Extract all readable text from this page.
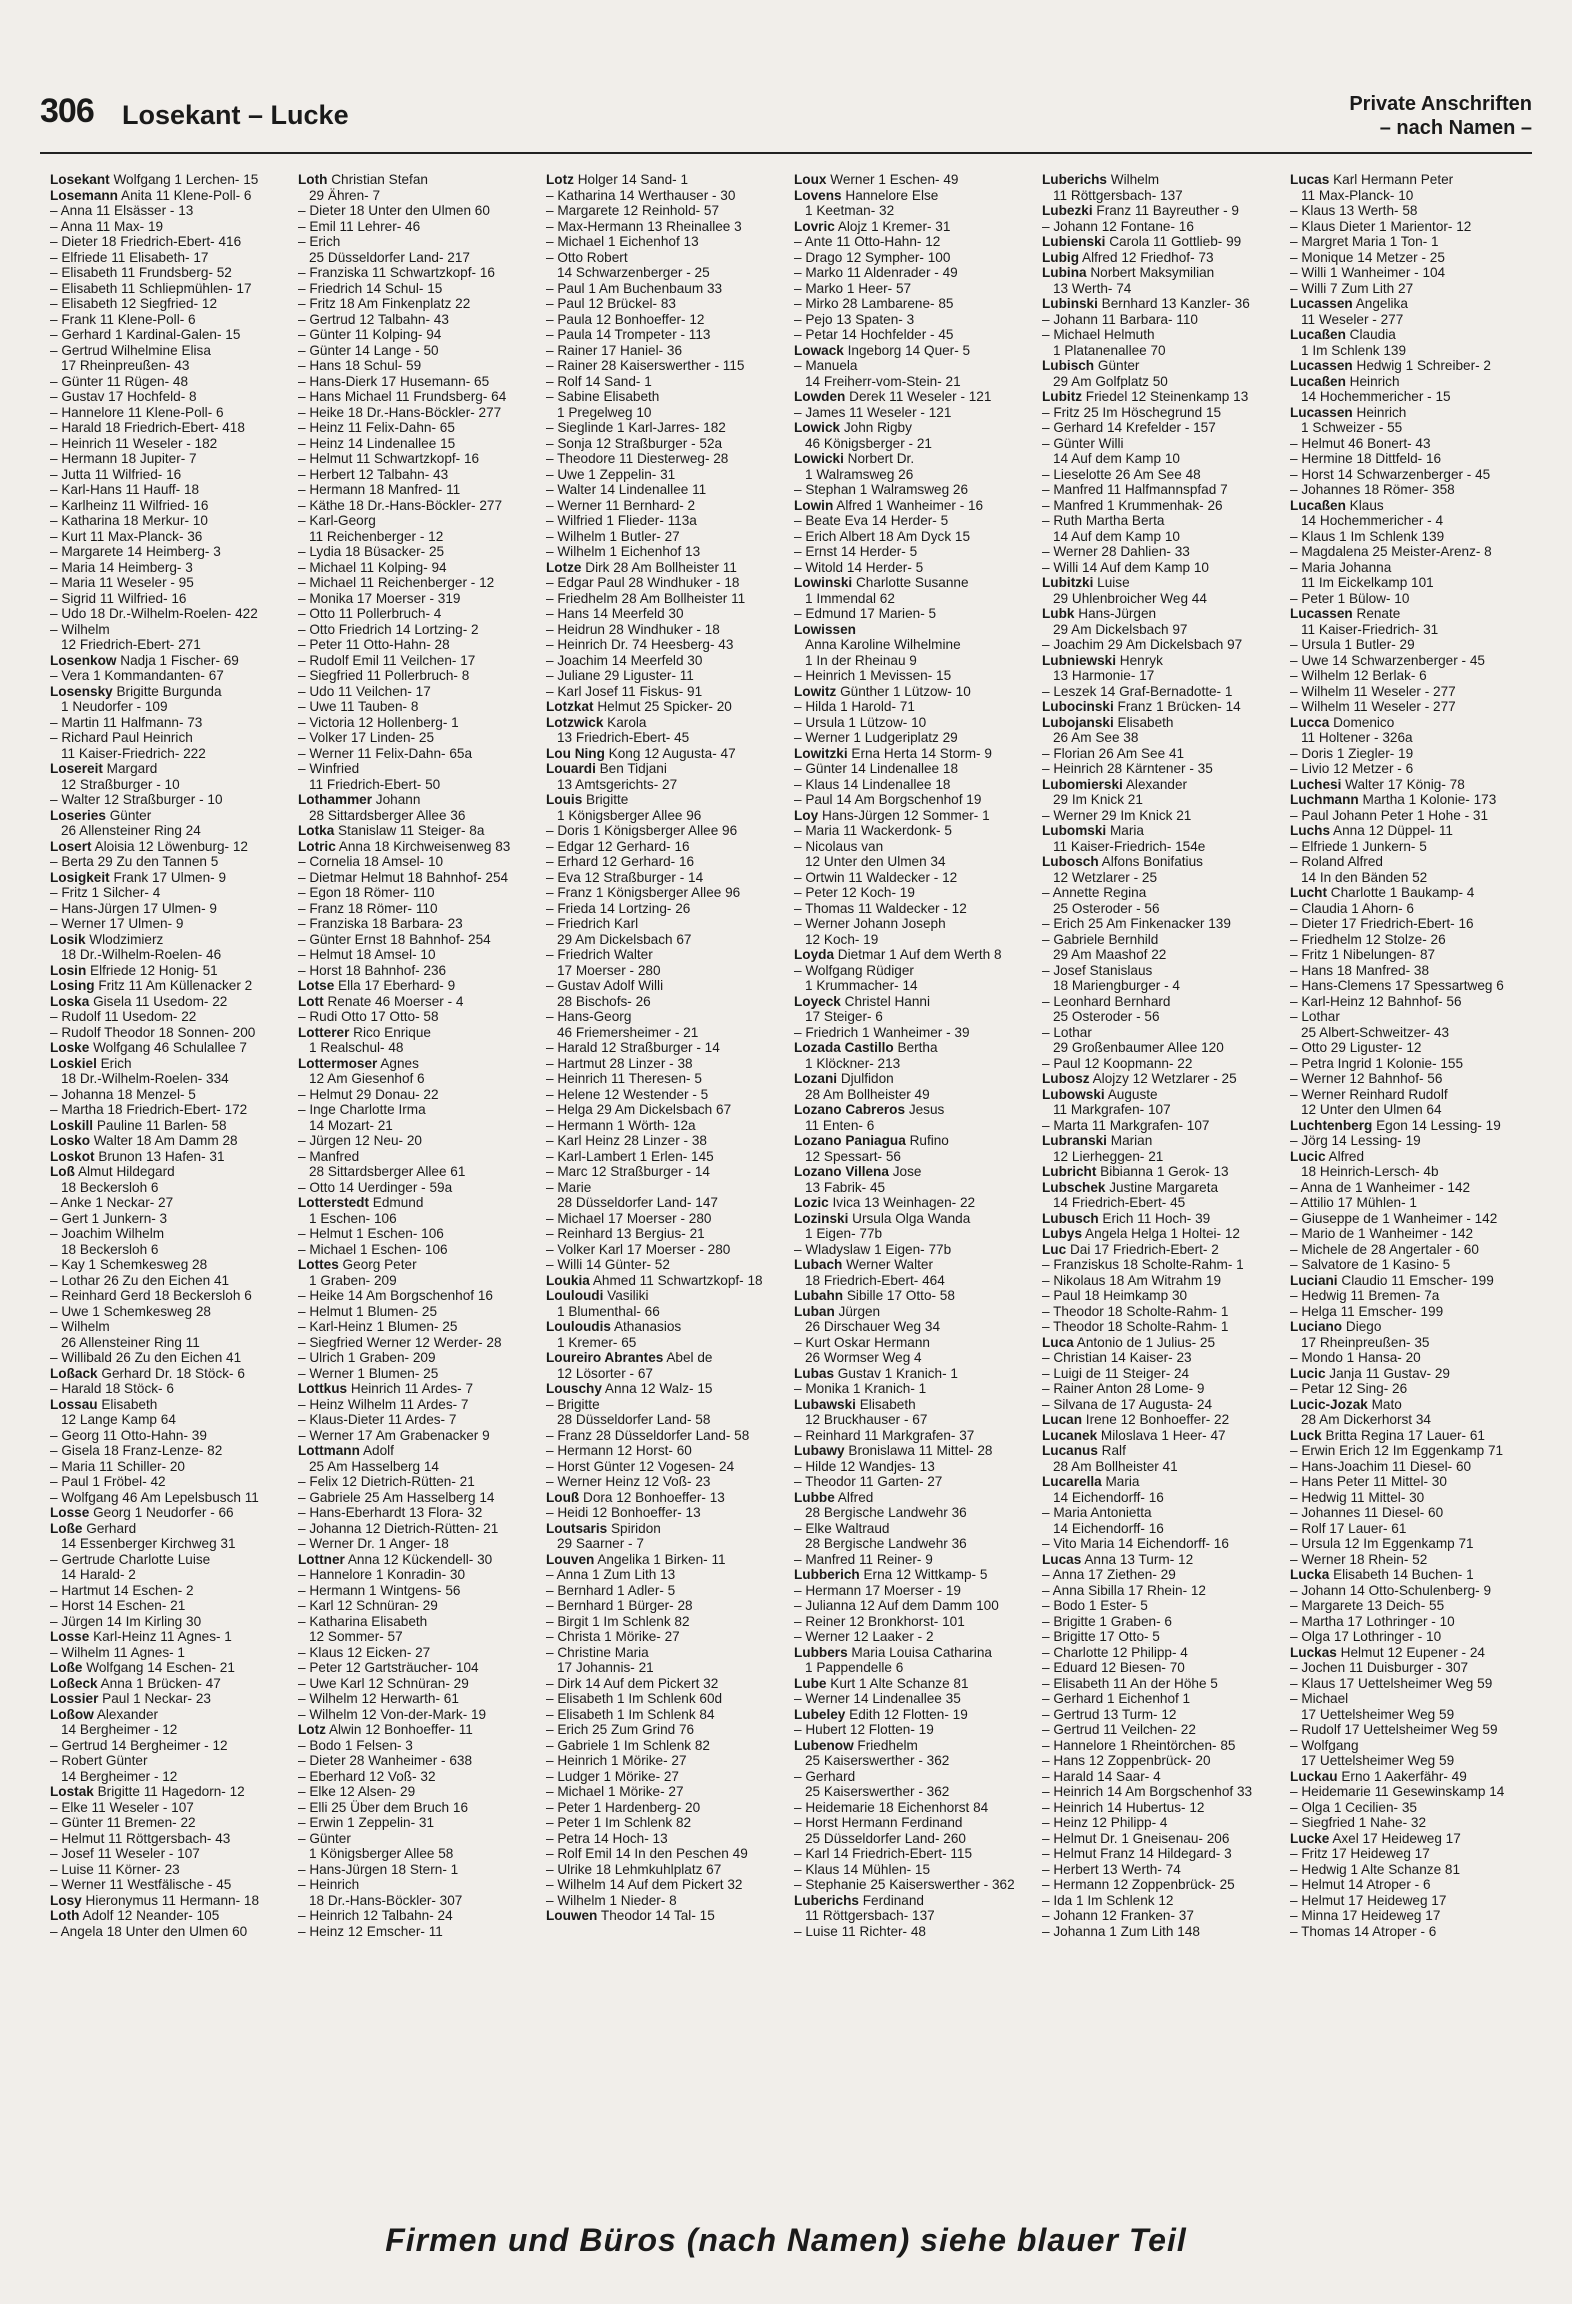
306 Losekant – Lucke	Private Anschriften
– nach Namen –
Losekant Wolfgang 1 Lerchen- 15
Losemann Anita 11 Klene-Poll- 6
– Anna 11 Elsässer - 13
– Anna 11 Max- 19
– Dieter 18 Friedrich-Ebert- 416
– Elfriede 11 Elisabeth- 17
– Elisabeth 11 Frundsberg- 52
– Elisabeth 11 Schliepmühlen- 17
– Elisabeth 12 Siegfried- 12
– Frank 11 Klene-Poll- 6
– Gerhard 1 Kardinal-Galen- 15
– Gertrud Wilhelmine Elisa
17 Rheinpreußen- 43
– Günter 11 Rügen- 48
– Gustav 17 Hochfeld- 8
– Hannelore 11 Klene-Poll- 6
– Harald 18 Friedrich-Ebert- 418
– Heinrich 11 Weseler - 182
– Hermann 18 Jupiter- 7
– Jutta 11 Wilfried- 16
– Karl-Hans 11 Hauff- 18
– Karlheinz 11 Wilfried- 16
– Katharina 18 Merkur- 10
– Kurt 11 Max-Planck- 36
– Margarete 14 Heimberg- 3
– Maria 14 Heimberg- 3
– Maria 11 Weseler - 95
– Sigrid 11 Wilfried- 16
– Udo 18 Dr.-Wilhelm-Roelen- 422
– Wilhelm
12 Friedrich-Ebert- 271
Losenkow Nadja 1 Fischer- 69
– Vera 1 Kommandanten- 67
Losensky Brigitte Burgunda
1 Neudorfer - 109
– Martin 11 Halfmann- 73
– Richard Paul Heinrich
11 Kaiser-Friedrich- 222
Losereit Margard
12 Straßburger - 10
– Walter 12 Straßburger - 10
Loseries Günter
26 Allensteiner Ring 24
Losert Aloisia 12 Löwenburg- 12
– Berta 29 Zu den Tannen 5
Losigkeit Frank 17 Ulmen- 9
– Fritz 1 Silcher- 4
– Hans-Jürgen 17 Ulmen- 9
– Werner 17 Ulmen- 9
Losik Wlodzimierz
18 Dr.-Wilhelm-Roelen- 46
Losin Elfriede 12 Honig- 51
Losing Fritz 11 Am Küllenacker 2
Loska Gisela 11 Usedom- 22
– Rudolf 11 Usedom- 22
– Rudolf Theodor 18 Sonnen- 200
Loske Wolfgang 46 Schulallee 7
Loskiel Erich
18 Dr.-Wilhelm-Roelen- 334
– Johanna 18 Menzel- 5
– Martha 18 Friedrich-Ebert- 172
Loskill Pauline 11 Barlen- 58
Losko Walter 18 Am Damm 28
Loskot Brunon 13 Hafen- 31
Loß Almut Hildegard
18 Beckersloh 6
– Anke 1 Neckar- 27
– Gert 1 Junkern- 3
– Joachim Wilhelm
18 Beckersloh 6
– Kay 1 Schemkesweg 28
– Lothar 26 Zu den Eichen 41
– Reinhard Gerd 18 Beckersloh 6
– Uwe 1 Schemkesweg 28
– Wilhelm
26 Allensteiner Ring 11
– Willibald 26 Zu den Eichen 41
Loßack Gerhard Dr. 18 Stöck- 6
– Harald 18 Stöck- 6
Lossau Elisabeth
12 Lange Kamp 64
– Georg 11 Otto-Hahn- 39
– Gisela 18 Franz-Lenze- 82
– Maria 11 Schiller- 20
– Paul 1 Fröbel- 42
– Wolfgang 46 Am Lepelsbusch 11
Losse Georg 1 Neudorfer - 66
Loße Gerhard
14 Essenberger Kirchweg 31
– Gertrude Charlotte Luise
14 Harald- 2
– Hartmut 14 Eschen- 2
– Horst 14 Eschen- 21
– Jürgen 14 Im Kirling 30
Losse Karl-Heinz 11 Agnes- 1
– Wilhelm 11 Agnes- 1
Loße Wolfgang 14 Eschen- 21
Loßeck Anna 1 Brücken- 47
Lossier Paul 1 Neckar- 23
Loßow Alexander
14 Bergheimer - 12
– Gertrud 14 Bergheimer - 12
– Robert Günter
14 Bergheimer - 12
Lostak Brigitte 11 Hagedorn- 12
– Elke 11 Weseler - 107
– Günter 11 Bremen- 22
– Helmut 11 Röttgersbach- 43
– Josef 11 Weseler - 107
– Luise 11 Körner- 23
– Werner 11 Westfälische - 45
Losy Hieronymus 11 Hermann- 18
Loth Adolf 12 Neander- 105
– Angela 18 Unter den Ulmen 60
Loth Christian Stefan
29 Ähren- 7
– Dieter 18 Unter den Ulmen 60
– Emil 11 Lehrer- 46
– Erich
25 Düsseldorfer Land- 217
– Franziska 11 Schwartzkopf- 16
– Friedrich 14 Schul- 15
– Fritz 18 Am Finkenplatz 22
– Gertrud 12 Talbahn- 43
– Günter 11 Kolping- 94
– Günter 14 Lange - 50
– Hans 18 Schul- 59
– Hans-Dierk 17 Husemann- 65
– Hans Michael 11 Frundsberg- 64
– Heike 18 Dr.-Hans-Böckler- 277
– Heinz 11 Felix-Dahn- 65
– Heinz 14 Lindenallee 15
– Helmut 11 Schwartzkopf- 16
– Herbert 12 Talbahn- 43
– Hermann 18 Manfred- 11
– Käthe 18 Dr.-Hans-Böckler- 277
– Karl-Georg
11 Reichenberger - 12
– Lydia 18 Büsacker- 25
– Michael 11 Kolping- 94
– Michael 11 Reichenberger - 12
– Monika 17 Moerser - 319
– Otto 11 Pollerbruch- 4
– Otto Friedrich 14 Lortzing- 2
– Peter 11 Otto-Hahn- 28
– Rudolf Emil 11 Veilchen- 17
– Siegfried 11 Pollerbruch- 8
– Udo 11 Veilchen- 17
– Uwe 11 Tauben- 8
– Victoria 12 Hollenberg- 1
– Volker 17 Linden- 25
– Werner 11 Felix-Dahn- 65a
– Winfried
11 Friedrich-Ebert- 50
Lothammer Johann
28 Sittardsberger Allee 36
Lotka Stanislaw 11 Steiger- 8a
Lotric Anna 18 Kirchweisenweg 83
– Cornelia 18 Amsel- 10
– Dietmar Helmut 18 Bahnhof- 254
– Egon 18 Römer- 110
– Franz 18 Römer- 110
– Franziska 18 Barbara- 23
– Günter Ernst 18 Bahnhof- 254
– Helmut 18 Amsel- 10
– Horst 18 Bahnhof- 236
Lotse Ella 17 Eberhard- 9
Lott Renate 46 Moerser - 4
– Rudi Otto 17 Otto- 58
Lotterer Rico Enrique
1 Realschul- 48
Lottermoser Agnes
12 Am Giesenhof 6
– Helmut 29 Donau- 22
– Inge Charlotte Irma
14 Mozart- 21
– Jürgen 12 Neu- 20
– Manfred
28 Sittardsberger Allee 61
– Otto 14 Uerdinger - 59a
Lotterstedt Edmund
1 Eschen- 106
– Helmut 1 Eschen- 106
– Michael 1 Eschen- 106
Lottes Georg Peter
1 Graben- 209
– Heike 14 Am Borgschenhof 16
– Helmut 1 Blumen- 25
– Karl-Heinz 1 Blumen- 25
– Siegfried Werner 12 Werder- 28
– Ulrich 1 Graben- 209
– Werner 1 Blumen- 25
Lottkus Heinrich 11 Ardes- 7
– Heinz Wilhelm 11 Ardes- 7
– Klaus-Dieter 11 Ardes- 7
– Werner 17 Am Grabenacker 9
Lottmann Adolf
25 Am Hasselberg 14
– Felix 12 Dietrich-Rütten- 21
– Gabriele 25 Am Hasselberg 14
– Hans-Eberhardt 13 Flora- 32
– Johanna 12 Dietrich-Rütten- 21
– Werner Dr. 1 Anger- 18
Lottner Anna 12 Kückendell- 30
– Hannelore 1 Konradin- 30
– Hermann 1 Wintgens- 56
– Karl 12 Schnüran- 29
– Katharina Elisabeth
12 Sommer- 57
– Klaus 12 Eicken- 27
– Peter 12 Gartsträucher- 104
– Uwe Karl 12 Schnüran- 29
– Wilhelm 12 Herwarth- 61
– Wilhelm 12 Von-der-Mark- 19
Lotz Alwin 12 Bonhoeffer- 11
– Bodo 1 Felsen- 3
– Dieter 28 Wanheimer - 638
– Eberhard 12 Voß- 32
– Elke 12 Alsen- 29
– Elli 25 Über dem Bruch 16
– Erwin 1 Zeppelin- 31
– Günter
1 Königsberger Allee 58
– Hans-Jürgen 18 Stern- 1
– Heinrich
18 Dr.-Hans-Böckler- 307
– Heinrich 12 Talbahn- 24
– Heinz 12 Emscher- 11
Lotz Holger 14 Sand- 1
– Katharina 14 Werthauser - 30
– Margarete 12 Reinhold- 57
– Max-Hermann 13 Rheinallee 3
– Michael 1 Eichenhof 13
– Otto Robert
14 Schwarzenberger - 25
– Paul 1 Am Buchenbaum 33
– Paul 12 Brückel- 83
– Paula 12 Bonhoeffer- 12
– Paula 14 Trompeter - 113
– Rainer 17 Haniel- 36
– Rainer 28 Kaiserswerther - 115
– Rolf 14 Sand- 1
– Sabine Elisabeth
1 Pregelweg 10
– Sieglinde 1 Karl-Jarres- 182
– Sonja 12 Straßburger - 52a
– Theodore 11 Diesterweg- 28
– Uwe 1 Zeppelin- 31
– Walter 14 Lindenallee 11
– Werner 11 Bernhard- 2
– Wilfried 1 Flieder- 113a
– Wilhelm 1 Butler- 27
– Wilhelm 1 Eichenhof 13
Lotze Dirk 28 Am Bollheister 11
– Edgar Paul 28 Windhuker - 18
– Friedhelm 28 Am Bollheister 11
– Hans 14 Meerfeld 30
– Heidrun 28 Windhuker - 18
– Heinrich Dr. 74 Heesberg- 43
– Joachim 14 Meerfeld 30
– Juliane 29 Liguster- 11
– Karl Josef 11 Fiskus- 91
Lotzkat Helmut 25 Spicker- 20
Lotzwick Karola
13 Friedrich-Ebert- 45
Lou Ning Kong 12 Augusta- 47
Louardi Ben Tidjani
13 Amtsgerichts- 27
Louis Brigitte
1 Königsberger Allee 96
– Doris 1 Königsberger Allee 96
– Edgar 12 Gerhard- 16
– Erhard 12 Gerhard- 16
– Eva 12 Straßburger - 14
– Franz 1 Königsberger Allee 96
– Frieda 14 Lortzing- 26
– Friedrich Karl
29 Am Dickelsbach 67
– Friedrich Walter
17 Moerser - 280
– Gustav Adolf Willi
28 Bischofs- 26
– Hans-Georg
46 Friemersheimer - 21
– Harald 12 Straßburger - 14
– Hartmut 28 Linzer - 38
– Heinrich 11 Theresen- 5
– Helene 12 Westender - 5
– Helga 29 Am Dickelsbach 67
– Hermann 1 Wörth- 12a
– Karl Heinz 28 Linzer - 38
– Karl-Lambert 1 Erlen- 145
– Marc 12 Straßburger - 14
– Marie
28 Düsseldorfer Land- 147
– Michael 17 Moerser - 280
– Reinhard 13 Bergius- 21
– Volker Karl 17 Moerser - 280
– Willi 14 Günter- 52
Loukia Ahmed 11 Schwartzkopf- 18
Louloudi Vasiliki
1 Blumenthal- 66
Louloudis Athanasios
1 Kremer- 65
Loureiro Abrantes Abel de
12 Lösorter - 67
Louschy Anna 12 Walz- 15
– Brigitte
28 Düsseldorfer Land- 58
– Franz 28 Düsseldorfer Land- 58
– Hermann 12 Horst- 60
– Horst Günter 12 Vogesen- 24
– Werner Heinz 12 Voß- 23
Louß Dora 12 Bonhoeffer- 13
– Heidi 12 Bonhoeffer- 13
Loutsaris Spiridon
29 Saarner - 7
Louven Angelika 1 Birken- 11
– Anna 1 Zum Lith 13
– Bernhard 1 Adler- 5
– Bernhard 1 Bürger- 28
– Birgit 1 Im Schlenk 82
– Christa 1 Mörike- 27
– Christine Maria
17 Johannis- 21
– Dirk 14 Auf dem Pickert 32
– Elisabeth 1 Im Schlenk 60d
– Elisabeth 1 Im Schlenk 84
– Erich 25 Zum Grind 76
– Gabriele 1 Im Schlenk 82
– Heinrich 1 Mörike- 27
– Ludger 1 Mörike- 27
– Michael 1 Mörike- 27
– Peter 1 Hardenberg- 20
– Peter 1 Im Schlenk 82
– Petra 14 Hoch- 13
– Rolf Emil 14 In den Peschen 49
– Ulrike 18 Lehmkuhlplatz 67
– Wilhelm 14 Auf dem Pickert 32
– Wilhelm 1 Nieder- 8
Louwen Theodor 14 Tal- 15
Loux Werner 1 Eschen- 49
Lovens Hannelore Else
1 Keetman- 32
Lovric Alojz 1 Kremer- 31
– Ante 11 Otto-Hahn- 12
– Drago 12 Sympher- 100
– Marko 11 Aldenrader - 49
– Marko 1 Heer- 57
– Mirko 28 Lambarene- 85
– Pejo 13 Spaten- 3
– Petar 14 Hochfelder - 45
Lowack Ingeborg 14 Quer- 5
– Manuela
14 Freiherr-vom-Stein- 21
Lowden Derek 11 Weseler - 121
– James 11 Weseler - 121
Lowick John Rigby
46 Königsberger - 21
Lowicki Norbert Dr.
1 Walramsweg 26
– Stephan 1 Walramsweg 26
Lowin Alfred 1 Wanheimer - 16
– Beate Eva 14 Herder- 5
– Erich Albert 18 Am Dyck 15
– Ernst 14 Herder- 5
– Witold 14 Herder- 5
Lowinski Charlotte Susanne
1 Immendal 62
– Edmund 17 Marien- 5
Lowissen
Anna Karoline Wilhelmine
1 In der Rheinau 9
– Heinrich 1 Mevissen- 15
Lowitz Günther 1 Lützow- 10
– Hilda 1 Harold- 71
– Ursula 1 Lützow- 10
– Werner 1 Ludgeriplatz 29
Lowitzki Erna Herta 14 Storm- 9
– Günter 14 Lindenallee 18
– Klaus 14 Lindenallee 18
– Paul 14 Am Borgschenhof 19
Loy Hans-Jürgen 12 Sommer- 1
– Maria 11 Wackerdonk- 5
– Nicolaus van
12 Unter den Ulmen 34
– Ortwin 11 Waldecker - 12
– Peter 12 Koch- 19
– Thomas 11 Waldecker - 12
– Werner Johann Joseph
12 Koch- 19
Loyda Dietmar 1 Auf dem Werth 8
– Wolfgang Rüdiger
1 Krummacher- 14
Loyeck Christel Hanni
17 Steiger- 6
– Friedrich 1 Wanheimer - 39
Lozada Castillo Bertha
1 Klöckner- 213
Lozani Djulfidon
28 Am Bollheister 49
Lozano Cabreros Jesus
11 Enten- 6
Lozano Paniagua Rufino
12 Spessart- 56
Lozano Villena Jose
13 Fabrik- 45
Lozic Ivica 13 Weinhagen- 22
Lozinski Ursula Olga Wanda
1 Eigen- 77b
– Wladyslaw 1 Eigen- 77b
Lubach Werner Walter
18 Friedrich-Ebert- 464
Lubahn Sibille 17 Otto- 58
Luban Jürgen
26 Dirschauer Weg 34
– Kurt Oskar Hermann
26 Wormser Weg 4
Lubas Gustav 1 Kranich- 1
– Monika 1 Kranich- 1
Lubawski Elisabeth
12 Bruckhauser - 67
– Reinhard 11 Markgrafen- 37
Lubawy Bronislawa 11 Mittel- 28
– Hilde 12 Wandjes- 13
– Theodor 11 Garten- 27
Lubbe Alfred
28 Bergische Landwehr 36
– Elke Waltraud
28 Bergische Landwehr 36
– Manfred 11 Reiner- 9
Lubberich Erna 12 Wittkamp- 5
– Hermann 17 Moerser - 19
– Julianna 12 Auf dem Damm 100
– Reiner 12 Bronkhorst- 101
– Werner 12 Laaker - 2
Lubbers Maria Louisa Catharina
1 Pappendelle 6
Lube Kurt 1 Alte Schanze 81
– Werner 14 Lindenallee 35
Lubeley Edith 12 Flotten- 19
– Hubert 12 Flotten- 19
Lubenow Friedhelm
25 Kaiserswerther - 362
– Gerhard
25 Kaiserswerther - 362
– Heidemarie 18 Eichenhorst 84
– Horst Hermann Ferdinand
25 Düsseldorfer Land- 260
– Karl 14 Friedrich-Ebert- 115
– Klaus 14 Mühlen- 15
– Stephanie 25 Kaiserswerther - 362
Luberichs Ferdinand
11 Röttgersbach- 137
– Luise 11 Richter- 48
Luberichs Wilhelm
11 Röttgersbach- 137
Lubezki Franz 11 Bayreuther - 9
– Johann 12 Fontane- 16
Lubienski Carola 11 Gottlieb- 99
Lubig Alfred 12 Friedhof- 73
Lubina Norbert Maksymilian
13 Werth- 74
Lubinski Bernhard 13 Kanzler- 36
– Johann 11 Barbara- 110
– Michael Helmuth
1 Platanenallee 70
Lubisch Günter
29 Am Golfplatz 50
Lubitz Friedel 12 Steinenkamp 13
– Fritz 25 Im Höschegrund 15
– Gerhard 14 Krefelder - 157
– Günter Willi
14 Auf dem Kamp 10
– Lieselotte 26 Am See 48
– Manfred 11 Halfmannspfad 7
– Manfred 1 Krummenhak- 26
– Ruth Martha Berta
14 Auf dem Kamp 10
– Werner 28 Dahlien- 33
– Willi 14 Auf dem Kamp 10
Lubitzki Luise
29 Uhlenbroicher Weg 44
Lubk Hans-Jürgen
29 Am Dickelsbach 97
– Joachim 29 Am Dickelsbach 97
Lubniewski Henryk
13 Harmonie- 17
– Leszek 14 Graf-Bernadotte- 1
Lubocinski Franz 1 Brücken- 14
Lubojanski Elisabeth
26 Am See 38
– Florian 26 Am See 41
– Heinrich 28 Kärntener - 35
Lubomierski Alexander
29 Im Knick 21
– Werner 29 Im Knick 21
Lubomski Maria
11 Kaiser-Friedrich- 154e
Lubosch Alfons Bonifatius
12 Wetzlarer - 25
– Annette Regina
25 Osteroder - 56
– Erich 25 Am Finkenacker 139
– Gabriele Bernhild
29 Am Maashof 22
– Josef Stanislaus
18 Mariengburger - 4
– Leonhard Bernhard
25 Osteroder - 56
– Lothar
29 Großenbaumer Allee 120
– Paul 12 Koopmann- 22
Lubosz Alojzy 12 Wetzlarer - 25
Lubowski Auguste
11 Markgrafen- 107
– Marta 11 Markgrafen- 107
Lubranski Marian
12 Lierheggen- 21
Lubricht Bibianna 1 Gerok- 13
Lubschek Justine Margareta
14 Friedrich-Ebert- 45
Lubusch Erich 11 Hoch- 39
Lubys Angela Helga 1 Holtei- 12
Luc Dai 17 Friedrich-Ebert- 2
– Franziskus 18 Scholte-Rahm- 1
– Nikolaus 18 Am Witrahm 19
– Paul 18 Heimkamp 30
– Theodor 18 Scholte-Rahm- 1
– Theodor 18 Scholte-Rahm- 1
Luca Antonio de 1 Julius- 25
– Christian 14 Kaiser- 23
– Luigi de 11 Steiger- 24
– Rainer Anton 28 Lome- 9
– Silvana de 17 Augusta- 24
Lucan Irene 12 Bonhoeffer- 22
Lucanek Miloslava 1 Heer- 47
Lucanus Ralf
28 Am Bollheister 41
Lucarella Maria
14 Eichendorff- 16
– Maria Antonietta
14 Eichendorff- 16
– Vito Maria 14 Eichendorff- 16
Lucas Anna 13 Turm- 12
– Anna 17 Ziethen- 29
– Anna Sibilla 17 Rhein- 12
– Bodo 1 Ester- 5
– Brigitte 1 Graben- 6
– Brigitte 17 Otto- 5
– Charlotte 12 Philipp- 4
– Eduard 12 Biesen- 70
– Elisabeth 11 An der Höhe 5
– Gerhard 1 Eichenhof 1
– Gertrud 13 Turm- 12
– Gertrud 11 Veilchen- 22
– Hannelore 1 Rheintörchen- 85
– Hans 12 Zoppenbrück- 20
– Harald 14 Saar- 4
– Heinrich 14 Am Borgschenhof 33
– Heinrich 14 Hubertus- 12
– Heinz 12 Philipp- 4
– Helmut Dr. 1 Gneisenau- 206
– Helmut Franz 14 Hildegard- 3
– Herbert 13 Werth- 74
– Hermann 12 Zoppenbrück- 25
– Ida 1 Im Schlenk 12
– Johann 12 Franken- 37
– Johanna 1 Zum Lith 148
Lucas Karl Hermann Peter
11 Max-Planck- 10
– Klaus 13 Werth- 58
– Klaus Dieter 1 Marientor- 12
– Margret Maria 1 Ton- 1
– Monique 14 Metzer - 25
– Willi 1 Wanheimer - 104
– Willi 7 Zum Lith 27
Lucassen Angelika
11 Weseler - 277
Lucaßen Claudia
1 Im Schlenk 139
Lucassen Hedwig 1 Schreiber- 2
Lucaßen Heinrich
14 Hochemmericher - 15
Lucassen Heinrich
1 Schweizer - 55
– Helmut 46 Bonert- 43
– Hermine 18 Dittfeld- 16
– Horst 14 Schwarzenberger - 45
– Johannes 18 Römer- 358
Lucaßen Klaus
14 Hochemmericher - 4
– Klaus 1 Im Schlenk 139
– Magdalena 25 Meister-Arenz- 8
– Maria Johanna
11 Im Eickelkamp 101
– Peter 1 Bülow- 10
Lucassen Renate
11 Kaiser-Friedrich- 31
– Ursula 1 Butler- 29
– Uwe 14 Schwarzenberger - 45
– Wilhelm 12 Berlak- 6
– Wilhelm 11 Weseler - 277
– Wilhelm 11 Weseler - 277
Lucca Domenico
11 Holtener - 326a
– Doris 1 Ziegler- 19
– Livio 12 Metzer - 6
Luchesi Walter 17 König- 78
Luchmann Martha 1 Kolonie- 173
– Paul Johann Peter 1 Hohe - 31
Luchs Anna 12 Düppel- 11
– Elfriede 1 Junkern- 5
– Roland Alfred
14 In den Bänden 52
Lucht Charlotte 1 Baukamp- 4
– Claudia 1 Ahorn- 6
– Dieter 17 Friedrich-Ebert- 16
– Friedhelm 12 Stolze- 26
– Fritz 1 Nibelungen- 87
– Hans 18 Manfred- 38
– Hans-Clemens 17 Spessartweg 6
– Karl-Heinz 12 Bahnhof- 56
– Lothar
25 Albert-Schweitzer- 43
– Otto 29 Liguster- 12
– Petra Ingrid 1 Kolonie- 155
– Werner 12 Bahnhof- 56
– Werner Reinhard Rudolf
12 Unter den Ulmen 64
Luchtenberg Egon 14 Lessing- 19
– Jörg 14 Lessing- 19
Lucic Alfred
18 Heinrich-Lersch- 4b
– Anna de 1 Wanheimer - 142
– Attilio 17 Mühlen- 1
– Giuseppe de 1 Wanheimer - 142
– Mario de 1 Wanheimer - 142
– Michele de 28 Angertaler - 60
– Salvatore de 1 Kasino- 5
Luciani Claudio 11 Emscher- 199
– Hedwig 11 Bremen- 7a
– Helga 11 Emscher- 199
Luciano Diego
17 Rheinpreußen- 35
– Mondo 1 Hansa- 20
Lucic Janja 11 Gustav- 29
– Petar 12 Sing- 26
Lucic-Jozak Mato
28 Am Dickerhorst 34
Luck Britta Regina 17 Lauer- 61
– Erwin Erich 12 Im Eggenkamp 71
– Hans-Joachim 11 Diesel- 60
– Hans Peter 11 Mittel- 30
– Hedwig 11 Mittel- 30
– Johannes 11 Diesel- 60
– Rolf 17 Lauer- 61
– Ursula 12 Im Eggenkamp 71
– Werner 18 Rhein- 52
Lucka Elisabeth 14 Buchen- 1
– Johann 14 Otto-Schulenberg- 9
– Margarete 13 Deich- 55
– Martha 17 Lothringer - 10
– Olga 17 Lothringer - 10
Luckas Helmut 12 Eupener - 24
– Jochen 11 Duisburger - 307
– Klaus 17 Uettelsheimer Weg 59
– Michael
17 Uettelsheimer Weg 59
– Rudolf 17 Uettelsheimer Weg 59
– Wolfgang
17 Uettelsheimer Weg 59
Luckau Erno 1 Aakerfähr- 49
– Heidemarie 11 Gesewinskamp 14
– Olga 1 Cecilien- 35
– Siegfried 1 Nahe- 32
Lucke Axel 17 Heideweg 17
– Fritz 17 Heideweg 17
– Hedwig 1 Alte Schanze 81
– Helmut 14 Atroper - 6
– Helmut 17 Heideweg 17
– Minna 17 Heideweg 17
– Thomas 14 Atroper - 6
Firmen und Büros (nach Namen) siehe blauer Teil
